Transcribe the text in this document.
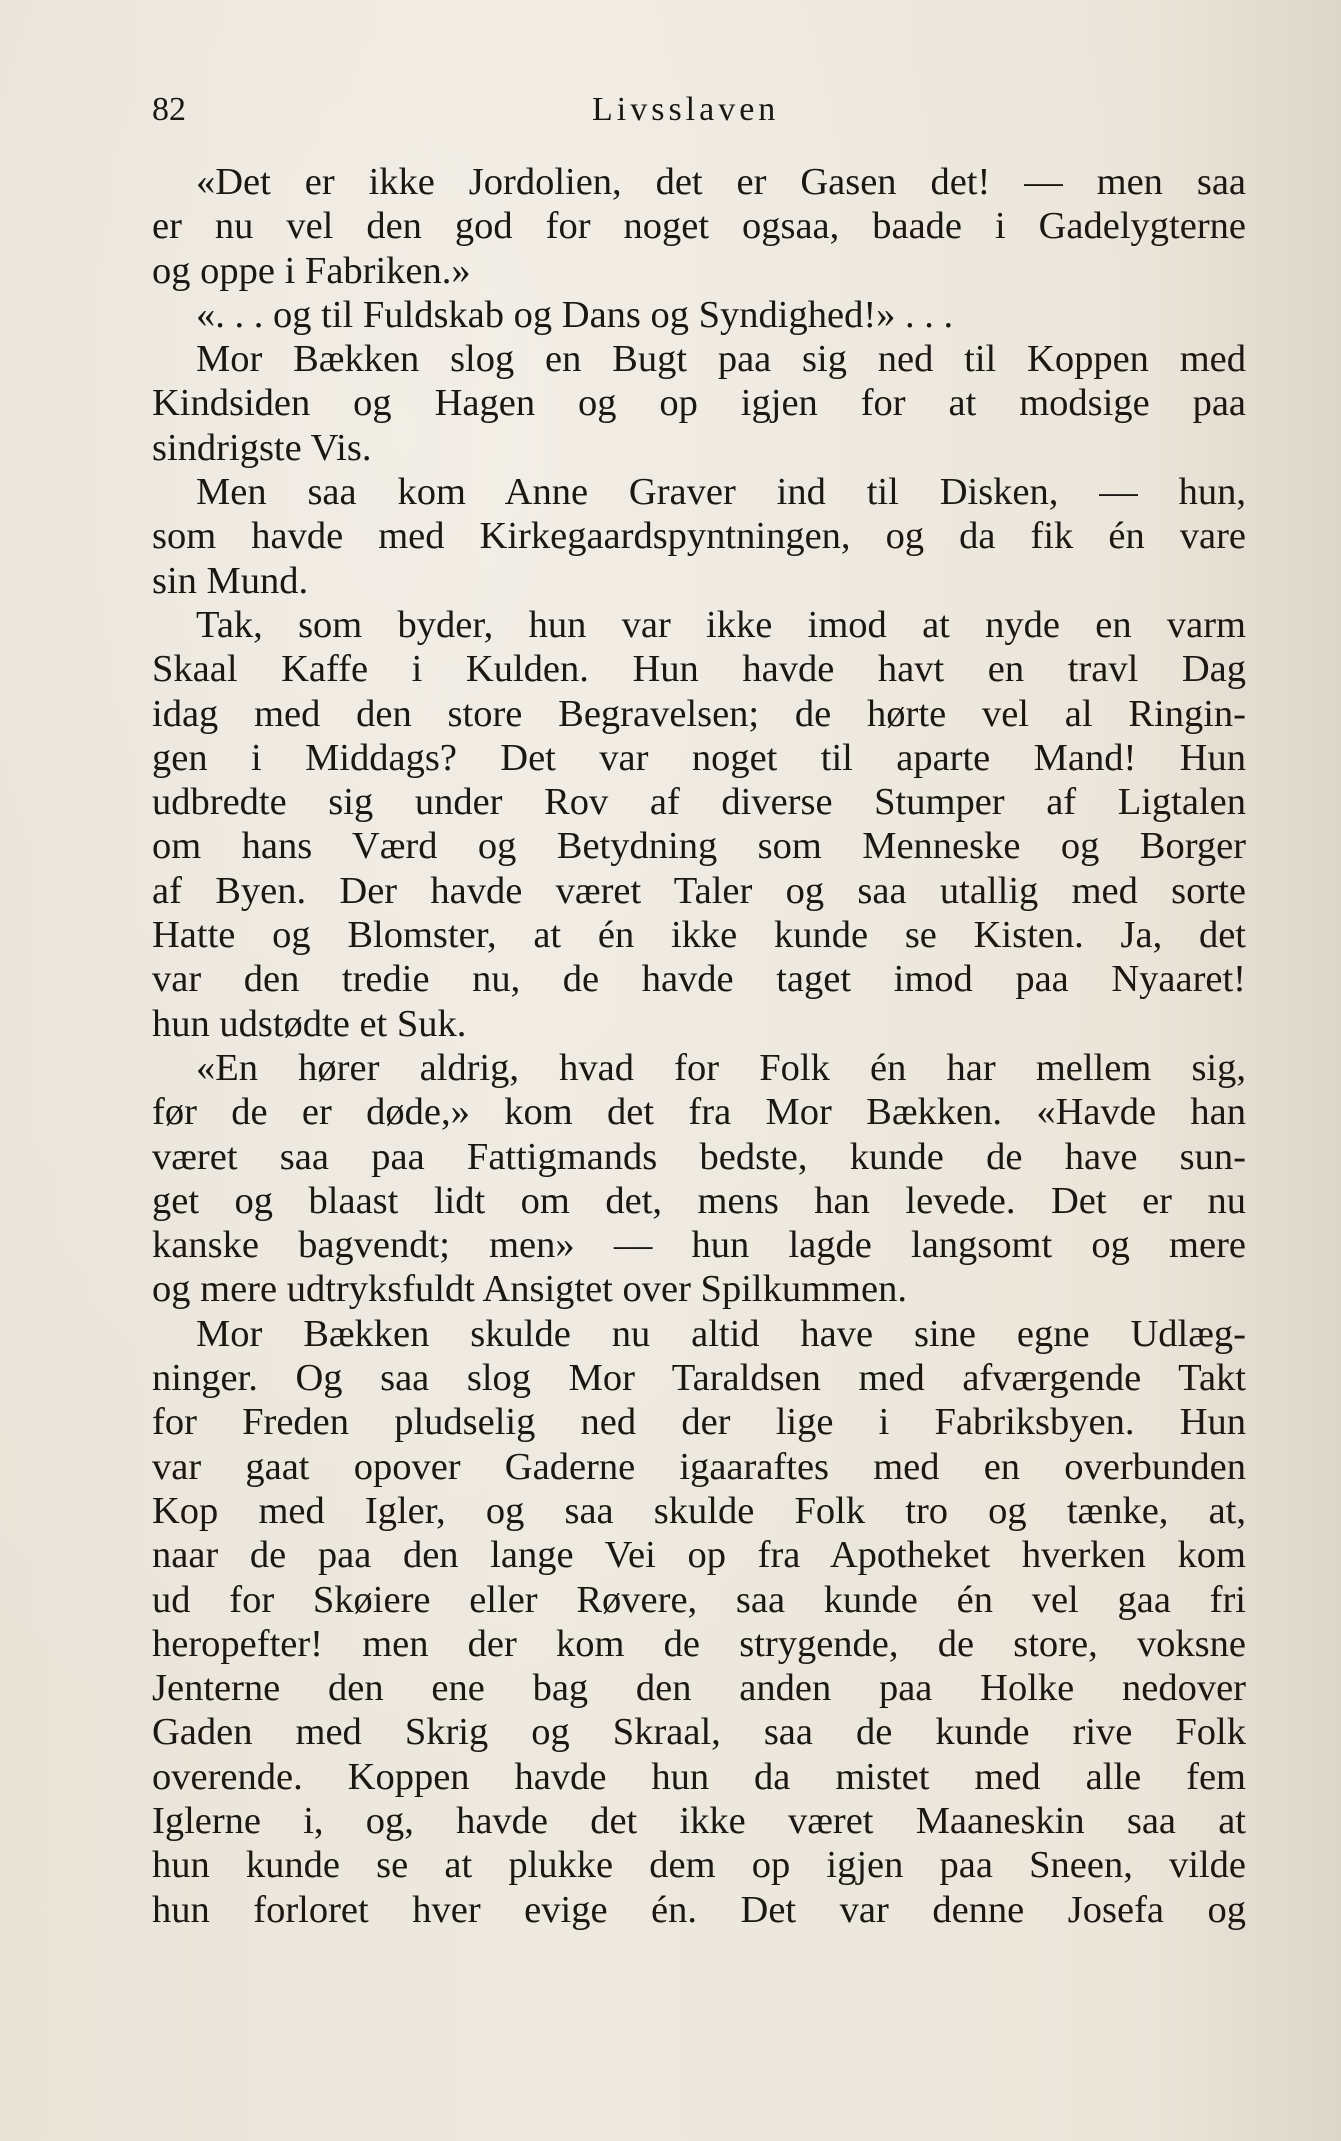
82	Livsslaven
«Det er ikke Jordolien, det er Gasen det! — men saa
er nu vel den god for noget ogsaa, baade i Gadelygterne
og oppe i Fabriken.»
«. . . og til Fuldskab og Dans og Syndighed!» . . .
Mor Bækken slog en Bugt paa sig ned til Koppen med
Kindsiden og Hagen og op igjen for at modsige paa
sindrigste Vis.
Men saa kom Anne Graver ind til Disken, — hun,
som havde med Kirkegaardspyntningen, og da fik én vare
sin Mund.
Tak, som byder, hun var ikke imod at nyde en varm
Skaal Kaffe i Kulden. Hun havde havt en travl Dag
idag med den store Begravelsen; de hørte vel al Ringin-
gen i Middags? Det var noget til aparte Mand! Hun
udbredte sig under Rov af diverse Stumper af Ligtalen
om hans Værd og Betydning som Menneske og Borger
af Byen. Der havde været Taler og saa utallig med sorte
Hatte og Blomster, at én ikke kunde se Kisten. Ja, det
var den tredie nu, de havde taget imod paa Nyaaret!
hun udstødte et Suk.
«En hører aldrig, hvad for Folk én har mellem sig,
før de er døde,» kom det fra Mor Bækken. «Havde han
været saa paa Fattigmands bedste, kunde de have sun-
get og blaast lidt om det, mens han levede. Det er nu
kanske bagvendt; men» — hun lagde langsomt og mere
og mere udtryksfuldt Ansigtet over Spilkummen.
Mor Bækken skulde nu altid have sine egne Udlæg-
ninger. Og saa slog Mor Taraldsen med afværgende Takt
for Freden pludselig ned der lige i Fabriksbyen. Hun
var gaat opover Gaderne igaaraftes med en overbunden
Kop med Igler, og saa skulde Folk tro og tænke, at,
naar de paa den lange Vei op fra Apotheket hverken kom
ud for Skøiere eller Røvere, saa kunde én vel gaa fri
heropefter! men der kom de strygende, de store, voksne
Jenterne den ene bag den anden paa Holke nedover
Gaden med Skrig og Skraal, saa de kunde rive Folk
overende. Koppen havde hun da mistet med alle fem
Iglerne i, og, havde det ikke været Maaneskin saa at
hun kunde se at plukke dem op igjen paa Sneen, vilde
hun forloret hver evige én. Det var denne Josefa og
